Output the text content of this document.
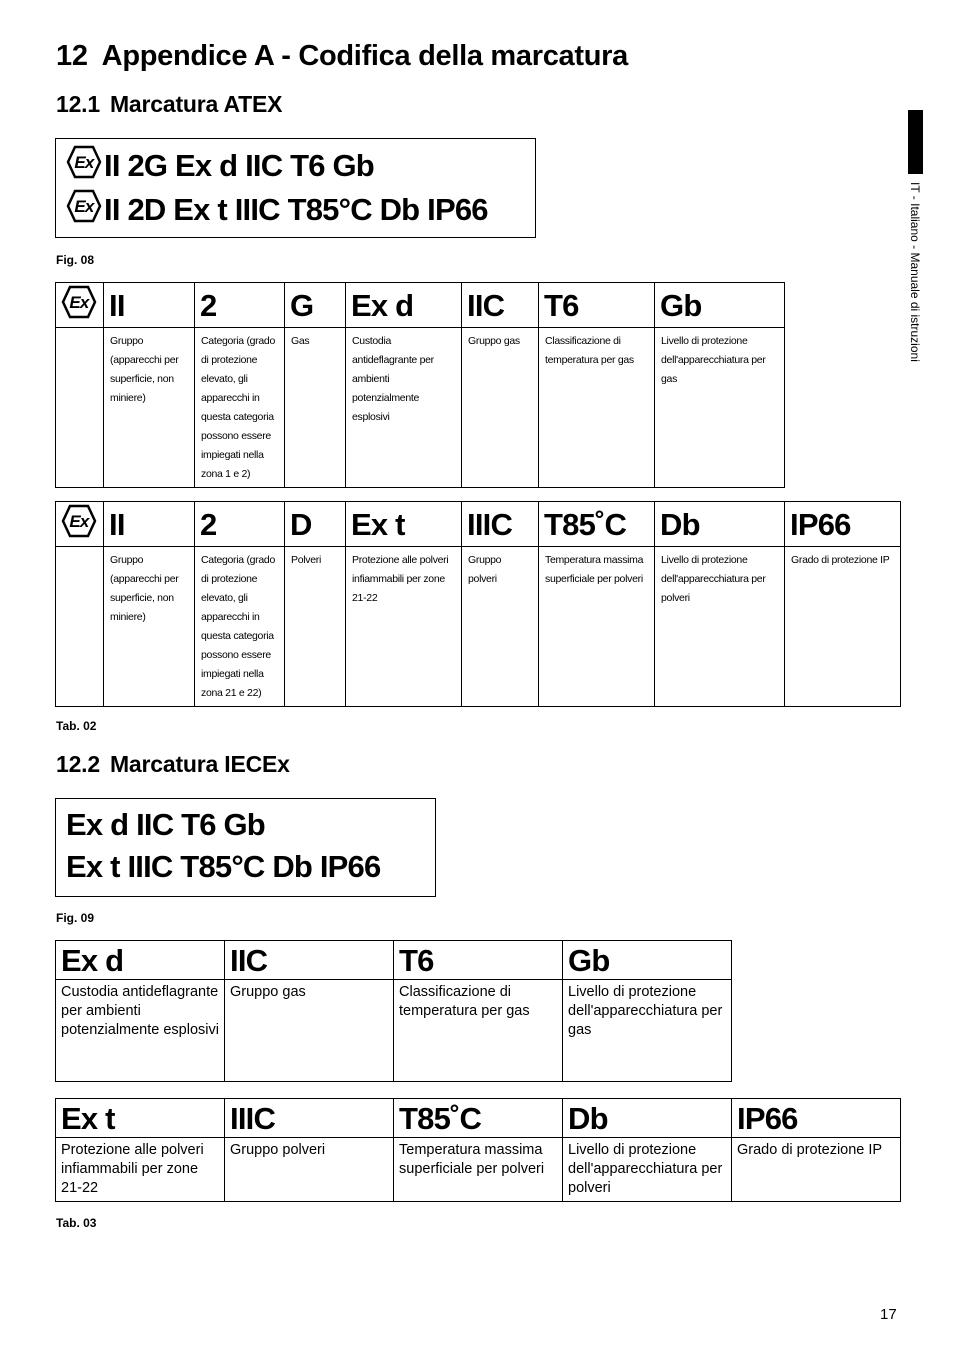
12 Appendice A - Codifica della marcatura
12.1 Marcatura ATEX
Ex II 2G Ex d IIC T6 Gb
Ex II 2D Ex t IIIC T85°C Db IP66

Fig. 08

Ex	II	2	G	Ex d	IIC	T6	Gb
	Gruppo (apparecchi per superficie, non miniere)	Categoria (grado di protezione elevato, gli apparecchi in questa categoria possono essere impiegati nella zona 1 e 2)	Gas	Custodia antideflagrante per ambienti potenzialmente esplosivi	Gruppo gas	Classificazione di temperatura per gas	Livello di protezione dell'apparecchiatura per gas
Ex	II	2	D	Ex t	IIIC	T85˚C	Db	IP66
	Gruppo (apparecchi per superficie, non miniere)	Categoria (grado di protezione elevato, gli apparecchi in questa categoria possono essere impiegati nella zona 21 e 22)	Polveri	Protezione alle polveri infiammabili per zone 21-22	Gruppo polveri	Temperatura massima superficiale per polveri	Livello di protezione dell'apparecchiatura per polveri	Grado di protezione IP

Tab. 02

12.2 Marcatura IECEx
Ex d IIC T6 Gb
Ex t IIIC T85°C Db IP66

Fig. 09

Ex d	IIC	T6	Gb
Custodia antideflagrante per ambienti potenzialmente esplosivi	Gruppo gas	Classificazione di temperatura per gas	Livello di protezione dell'apparecchiatura per gas
Ex t	IIIC	T85˚C	Db	IP66
Protezione alle polveri infiammabili per zone 21-22	Gruppo polveri	Temperatura massima superficiale per polveri	Livello di protezione dell'apparecchiatura per polveri	Grado di protezione IP

Tab. 03

IT - Italiano - Manuale di istruzioni
17
